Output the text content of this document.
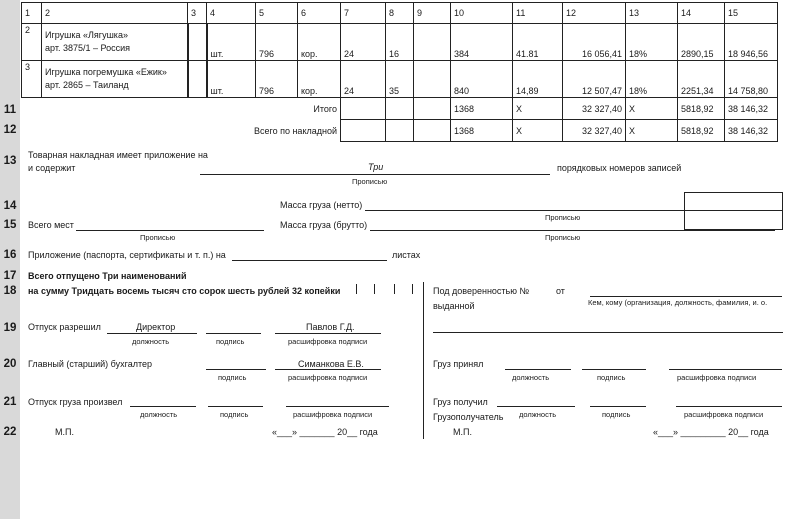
11
12
13
14
15
16
17
18
19
20
21
22
1	2	3	4	5	6	7	8	9	10	11	12	13	14	15
2	Игрушка «Лягушка»
арт. 3875/1 – Россия		шт.	796	кор.	24	16		384	41.81	16 056,41	18%	2890,15	18 946,56
3	Игрушка погремушка «Ежик»
арт. 2865 – Таиланд		шт.	796	кор.	24	35		840	14,89	12 507,47	18%	2251,34	14 758,80
Итого									1368	X	32 327,40	X	5818,92	38 146,32
Всего по накладной									1368	X	32 327,40	X	5818,92	38 146,32
Товарная накладная имеет приложение на
и содержит	Три
Прописью
порядковых номеров записей
Масса груза (нетто)
Прописью
Всего мест
Прописью
Масса груза (брутто)
Прописью
Приложение (паспорта, сертификаты и т. п.) на	листах
Всего отпущено Три наименований
на сумму Тридцать восемь тысяч сто сорок шесть рублей 32 копейки	Под доверенностью №	от
выданной	Кем, кому (организация, должность, фамилия, и. о.
Отпуск разрешил	Директор
должность	подпись
Павлов Г.Д.
расшифровка подписи
Главный (старший) бухгалтер
подпись
Симанкова Е.В.
расшифровка подписи
Груз принял
должность	подпись	расшифровка подписи
Отпуск груза произвел
должность	подпись	расшифровка подписи
Груз получил
Грузополучатель должность	подпись	расшифровка подписи
М.П.	«___» _______ 20__ года	М.П.	«___» _________ 20__ года
